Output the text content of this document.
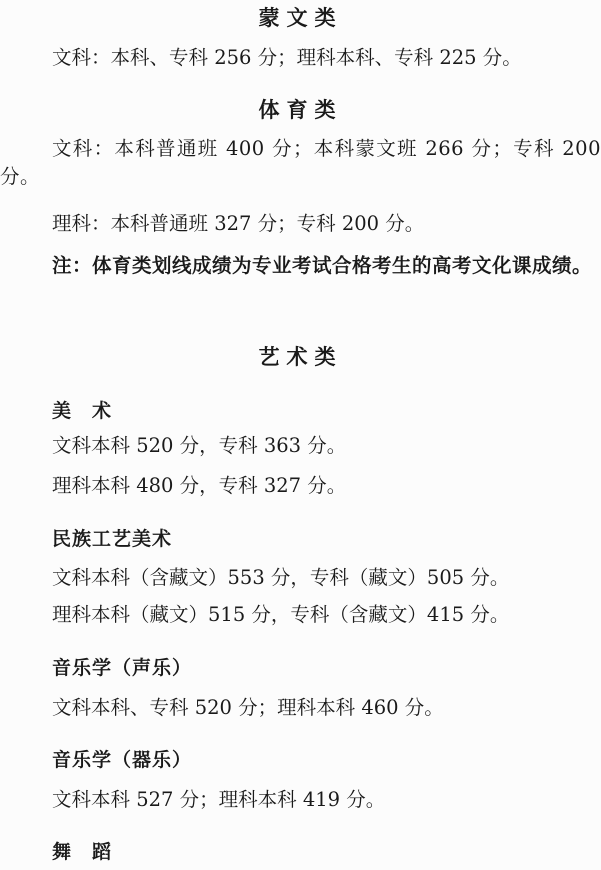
蒙文类
文科：本科、专科 256 分；理科本科、专科 225 分。
体育类
文科：本科普通班 400 分；本科蒙文班 266 分；专科 200 分。
理科：本科普通班 327 分；专科 200 分。
注：体育类划线成绩为专业考试合格考生的高考文化课成绩。
艺术类
美　术
文科本科 520 分，专科 363 分。
理科本科 480 分，专科 327 分。
民族工艺美术
文科本科（含藏文）553 分，专科（藏文）505 分。
理科本科（藏文）515 分，专科（含藏文）415 分。
音乐学（声乐）
文科本科、专科 520 分；理科本科 460 分。
音乐学（器乐）
文科本科 527 分；理科本科 419 分。
舞　蹈
